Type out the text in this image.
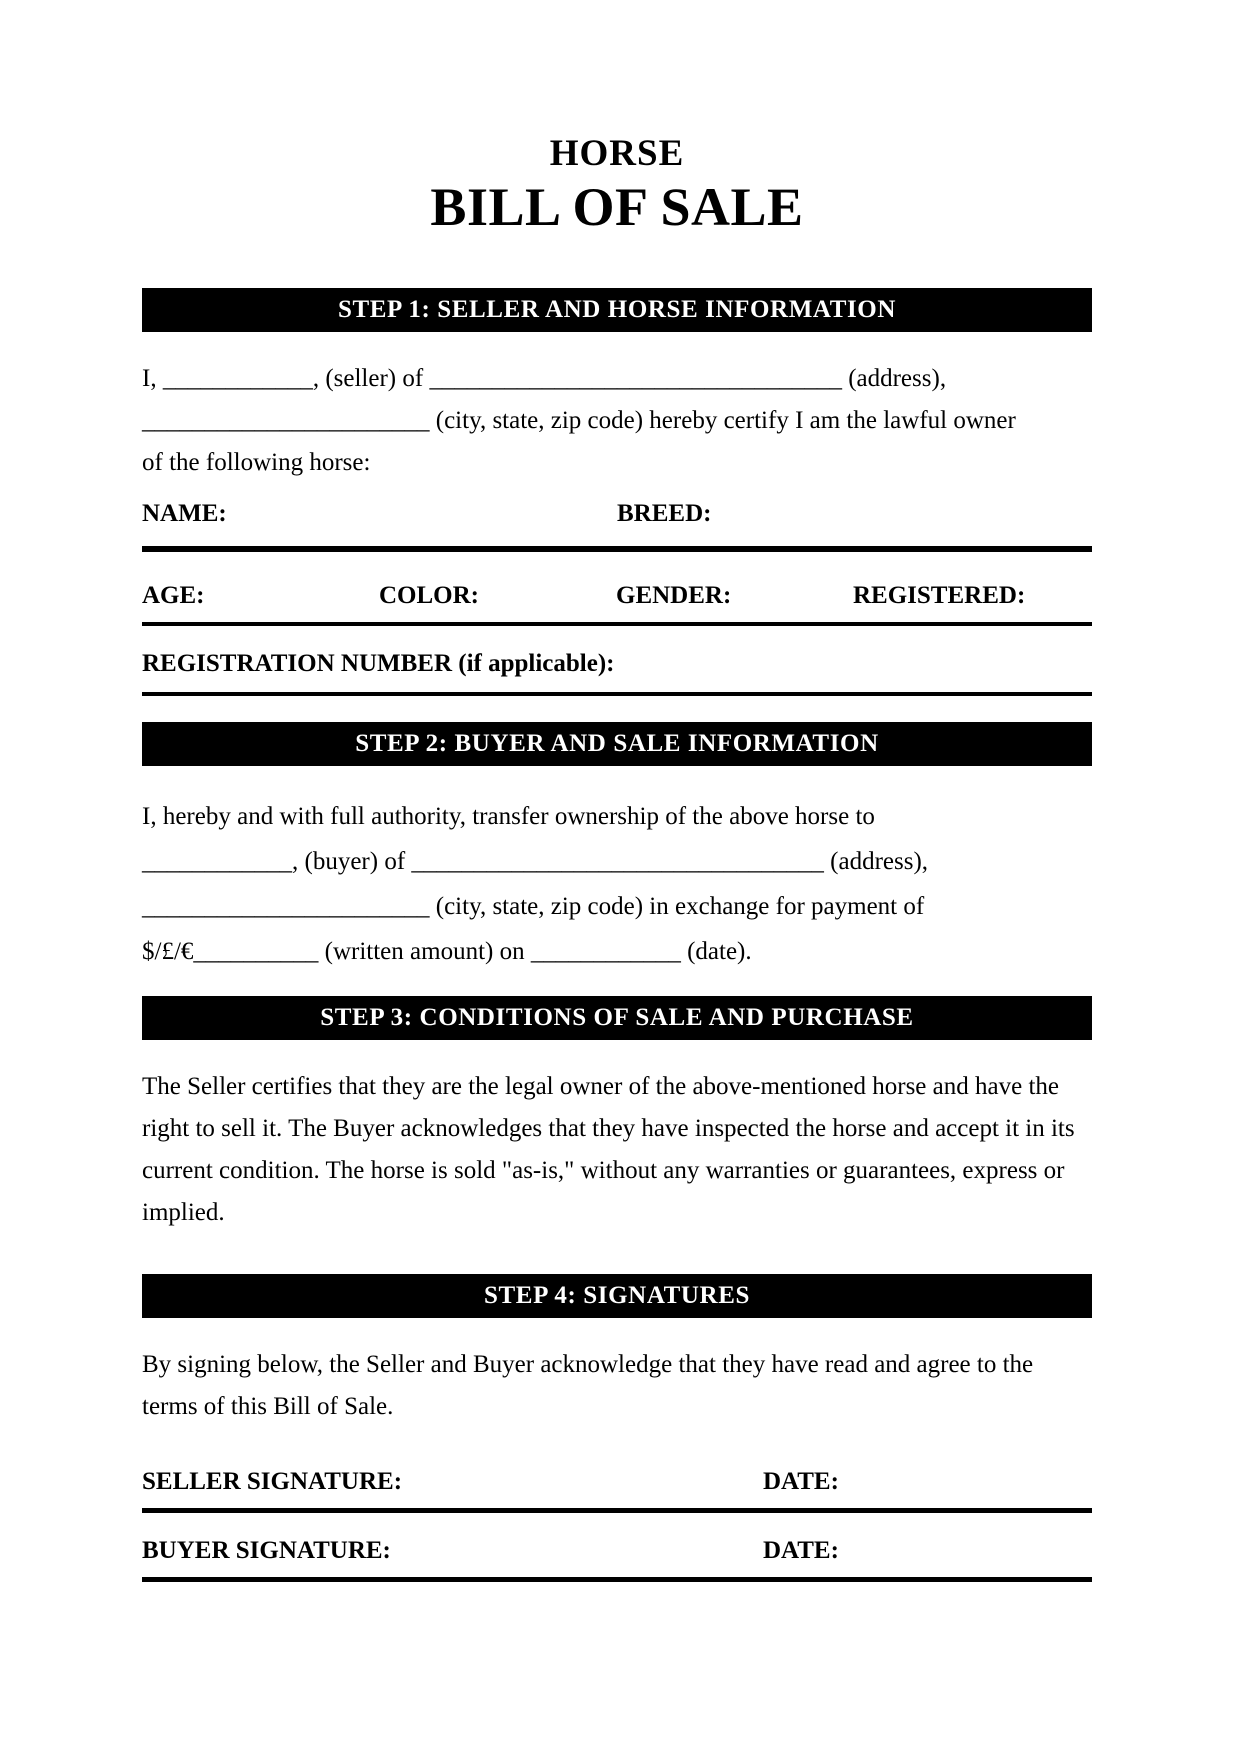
HORSE
BILL OF SALE
STEP 1: SELLER AND HORSE INFORMATION
I, ____________, (seller) of _________________________________ (address),
_______________________ (city, state, zip code) hereby certify I am the lawful owner
of the following horse:
NAME:	BREED:
AGE:	COLOR:	GENDER:	REGISTERED:
REGISTRATION NUMBER (if applicable):
STEP 2: BUYER AND SALE INFORMATION
I, hereby and with full authority, transfer ownership of the above horse to
____________, (buyer) of _________________________________ (address),
_______________________ (city, state, zip code) in exchange for payment of
$/£/€__________ (written amount) on ____________ (date).
STEP 3: CONDITIONS OF SALE AND PURCHASE
The Seller certifies that they are the legal owner of the above-mentioned horse and have the
right to sell it. The Buyer acknowledges that they have inspected the horse and accept it in its
current condition. The horse is sold "as-is," without any warranties or guarantees, express or
implied.
STEP 4: SIGNATURES
By signing below, the Seller and Buyer acknowledge that they have read and agree to the
terms of this Bill of Sale.
SELLER SIGNATURE:	DATE:
BUYER SIGNATURE:	DATE:
